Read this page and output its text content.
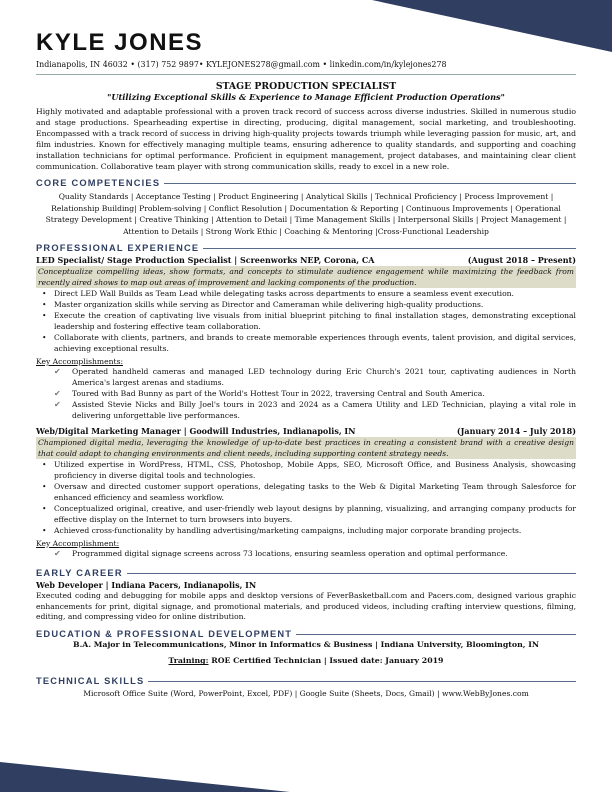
KYLE JONES
Indianapolis, IN 46032 • (317) 752 9897• KYLEJONES278@gmail.com • linkedin.com/in/kylejones278
STAGE PRODUCTION SPECIALIST
"Utilizing Exceptional Skills & Experience to Manage Efficient Production Operations"
Highly motivated and adaptable professional with a proven track record of success across diverse industries. Skilled in numerous studio and stage productions. Spearheading expertise in directing, producing, digital management, social marketing, and troubleshooting. Encompassed with a track record of success in driving high-quality projects towards triumph while leveraging passion for music, art, and film industries. Known for effectively managing multiple teams, ensuring adherence to quality standards, and supporting and coaching installation technicians for optimal performance. Proficient in equipment management, project databases, and maintaining clear client communication. Collaborative team player with strong communication skills, ready to excel in a new role.
CORE COMPETENCIES
Quality Standards | Acceptance Testing | Product Engineering | Analytical Skills | Technical Proficiency | Process Improvement | Relationship Building| Problem-solving | Conflict Resolution | Documentation & Reporting | Continuous Improvements | Operational Strategy Development | Creative Thinking | Attention to Detail | Time Management Skills | Interpersonal Skills | Project Management | Attention to Details | Strong Work Ethic | Coaching & Mentoring |Cross-Functional Leadership
PROFESSIONAL EXPERIENCE
LED Specialist/ Stage Production Specialist | Screenworks NEP, Corona, CA	(August 2018 – Present)
Conceptualize compelling ideas, show formats, and concepts to stimulate audience engagement while maximizing the feedback from recently aired shows to map out areas of improvement and lacking components of the production.
• Direct LED Wall Builds as Team Lead while delegating tasks across departments to ensure a seamless event execution.
• Master organization skills while serving as Director and Cameraman while delivering high-quality productions.
• Execute the creation of captivating live visuals from initial blueprint pitching to final installation stages, demonstrating exceptional leadership and fostering effective team collaboration.
• Collaborate with clients, partners, and brands to create memorable experiences through events, talent provision, and digital services, achieving exceptional results.
Key Accomplishments:
✔ Operated handheld cameras and managed LED technology during Eric Church's 2021 tour, captivating audiences in North America's largest arenas and stadiums.
✔ Toured with Bad Bunny as part of the World's Hottest Tour in 2022, traversing Central and South America.
✔ Assisted Stevie Nicks and Billy Joel's tours in 2023 and 2024 as a Camera Utility and LED Technician, playing a vital role in delivering unforgettable live performances.
Web/Digital Marketing Manager | Goodwill Industries, Indianapolis, IN	(January 2014 – July 2018)
Championed digital media, leveraging the knowledge of up-to-date best practices in creating a consistent brand with a creative design that could adapt to changing environments and client needs, including supporting content strategy needs.
• Utilized expertise in WordPress, HTML, CSS, Photoshop, Mobile Apps, SEO, Microsoft Office, and Business Analysis, showcasing proficiency in diverse digital tools and technologies.
• Oversaw and directed customer support operations, delegating tasks to the Web & Digital Marketing Team through Salesforce for enhanced efficiency and seamless workflow.
• Conceptualized original, creative, and user-friendly web layout designs by planning, visualizing, and arranging company products for effective display on the Internet to turn browsers into buyers.
• Achieved cross-functionality by handling advertising/marketing campaigns, including major corporate branding projects.
Key Accomplishment:
✔ Programmed digital signage screens across 73 locations, ensuring seamless operation and optimal performance.
EARLY CAREER
Web Developer | Indiana Pacers, Indianapolis, IN
Executed coding and debugging for mobile apps and desktop versions of FeverBasketball.com and Pacers.com, designed various graphic enhancements for print, digital signage, and promotional materials, and produced videos, including crafting interview questions, filming, editing, and compressing video for online distribution.
EDUCATION & PROFESSIONAL DEVELOPMENT
B.A. Major in Telecommunications, Minor in Informatics & Business | Indiana University, Bloomington, IN
Training: ROE Certified Technician | Issued date: January 2019
TECHNICAL SKILLS
Microsoft Office Suite (Word, PowerPoint, Excel, PDF) | Google Suite (Sheets, Docs, Gmail) | www.WebByJones.com
